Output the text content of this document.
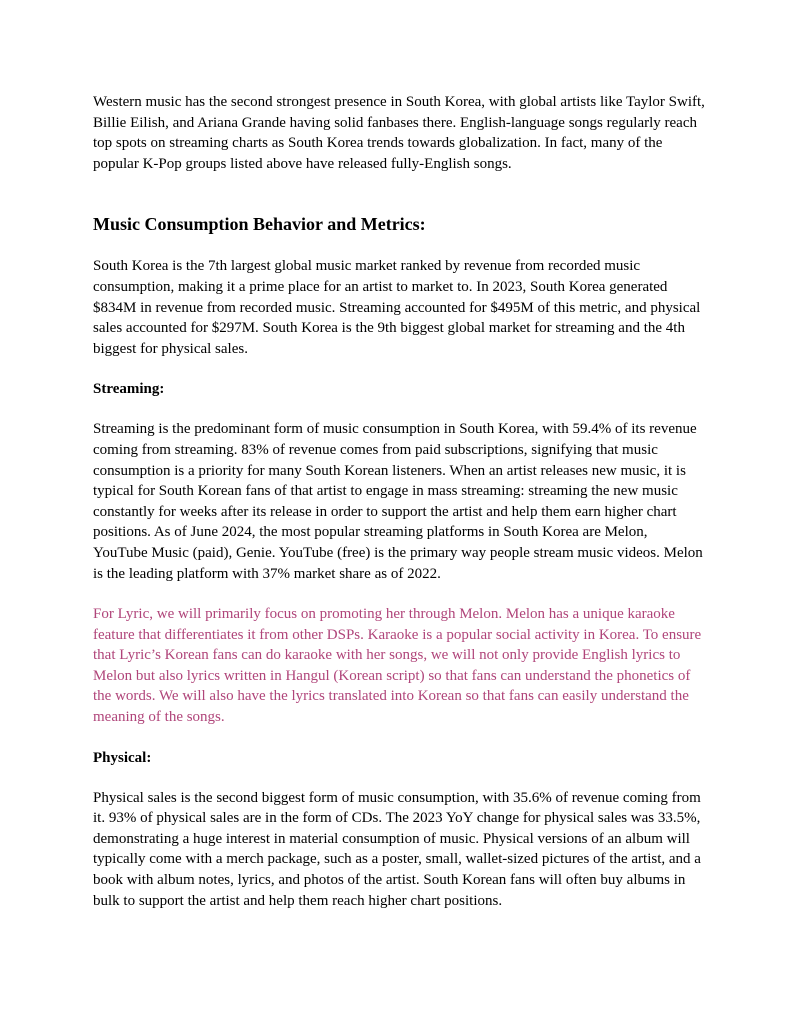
Western music has the second strongest presence in South Korea, with global artists like Taylor Swift, Billie Eilish, and Ariana Grande having solid fanbases there. English-language songs regularly reach top spots on streaming charts as South Korea trends towards globalization. In fact, many of the popular K-Pop groups listed above have released fully-English songs.

Music Consumption Behavior and Metrics:

South Korea is the 7th largest global music market ranked by revenue from recorded music consumption, making it a prime place for an artist to market to. In 2023, South Korea generated $834M in revenue from recorded music. Streaming accounted for $495M of this metric, and physical sales accounted for $297M. South Korea is the 9th biggest global market for streaming and the 4th biggest for physical sales.

Streaming:

Streaming is the predominant form of music consumption in South Korea, with 59.4% of its revenue coming from streaming. 83% of revenue comes from paid subscriptions, signifying that music consumption is a priority for many South Korean listeners. When an artist releases new music, it is typical for South Korean fans of that artist to engage in mass streaming: streaming the new music constantly for weeks after its release in order to support the artist and help them earn higher chart positions. As of June 2024, the most popular streaming platforms in South Korea are Melon, YouTube Music (paid), Genie. YouTube (free) is the primary way people stream music videos. Melon is the leading platform with 37% market share as of 2022.

For Lyric, we will primarily focus on promoting her through Melon. Melon has a unique karaoke feature that differentiates it from other DSPs. Karaoke is a popular social activity in Korea. To ensure that Lyric’s Korean fans can do karaoke with her songs, we will not only provide English lyrics to Melon but also lyrics written in Hangul (Korean script) so that fans can understand the phonetics of the words. We will also have the lyrics translated into Korean so that fans can easily understand the meaning of the songs.

Physical:

Physical sales is the second biggest form of music consumption, with 35.6% of revenue coming from it. 93% of physical sales are in the form of CDs. The 2023 YoY change for physical sales was 33.5%, demonstrating a huge interest in material consumption of music. Physical versions of an album will typically come with a merch package, such as a poster, small, wallet-sized pictures of the artist, and a book with album notes, lyrics, and photos of the artist. South Korean fans will often buy albums in bulk to support the artist and help them reach higher chart positions.
